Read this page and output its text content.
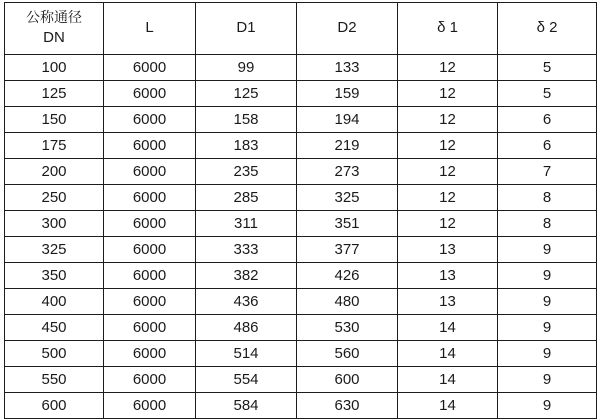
公称通径
DN	L	D1	D2	δ 1	δ 2
100	6000	99	133	12	5
125	6000	125	159	12	5
150	6000	158	194	12	6
175	6000	183	219	12	6
200	6000	235	273	12	7
250	6000	285	325	12	8
300	6000	311	351	12	8
325	6000	333	377	13	9
350	6000	382	426	13	9
400	6000	436	480	13	9
450	6000	486	530	14	9
500	6000	514	560	14	9
550	6000	554	600	14	9
600	6000	584	630	14	9
